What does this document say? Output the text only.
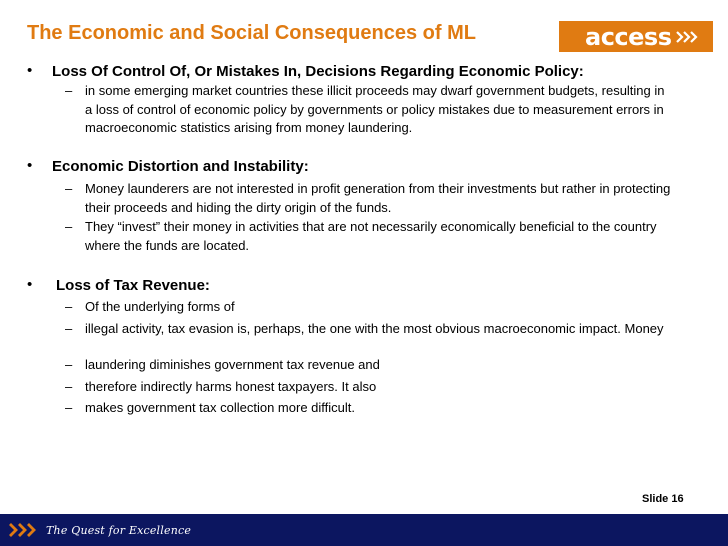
The Economic and Social Consequences of ML	access
•	Loss Of Control Of, Or Mistakes In, Decisions Regarding Economic Policy:
– in some emerging market countries these illicit proceeds may dwarf government budgets, resulting in a loss of control of economic policy by governments or policy mistakes due to measurement errors in macroeconomic statistics arising from money laundering.
•	Economic Distortion and Instability:
– Money launderers are not interested in profit generation from their investments but rather in protecting their proceeds and hiding the dirty origin of the funds.
– They “invest” their money in activities that are not necessarily economically beneficial to the country where the funds are located.
•	Loss of Tax Revenue:
– Of the underlying forms of
– illegal activity, tax evasion is, perhaps, the one with the most obvious macroeconomic impact. Money
– laundering diminishes government tax revenue and
– therefore indirectly harms honest taxpayers. It also
– makes government tax collection more difficult.
Slide 16
The Quest for Excellence
